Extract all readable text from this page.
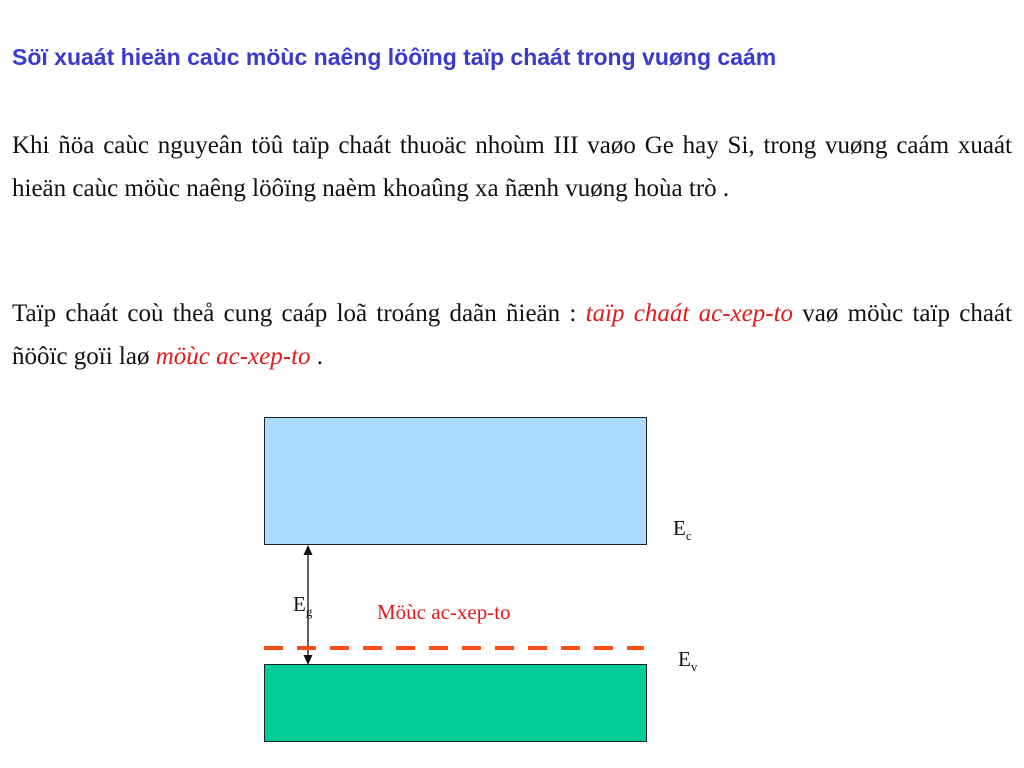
Söï xuaát hieän caùc möùc naêng löôïng taïp chaát trong vuøng caám
Khi ñöa caùc nguyeân töû taïp chaát thuoäc nhoùm III vaøo Ge hay Si, trong vuøng caám xuaát hieän caùc möùc naêng löôïng naèm khoaûng xa ñænh vuøng hoùa trò .
Taïp chaát coù theå cung caáp loã troáng daãn ñieän : taïp chaát ac-xep-to vaø möùc taïp chaát ñöôïc goïi laø möùc ac-xep-to .
$E_c$
$E_g$	Möùc ac-xep-to
$E_v$
